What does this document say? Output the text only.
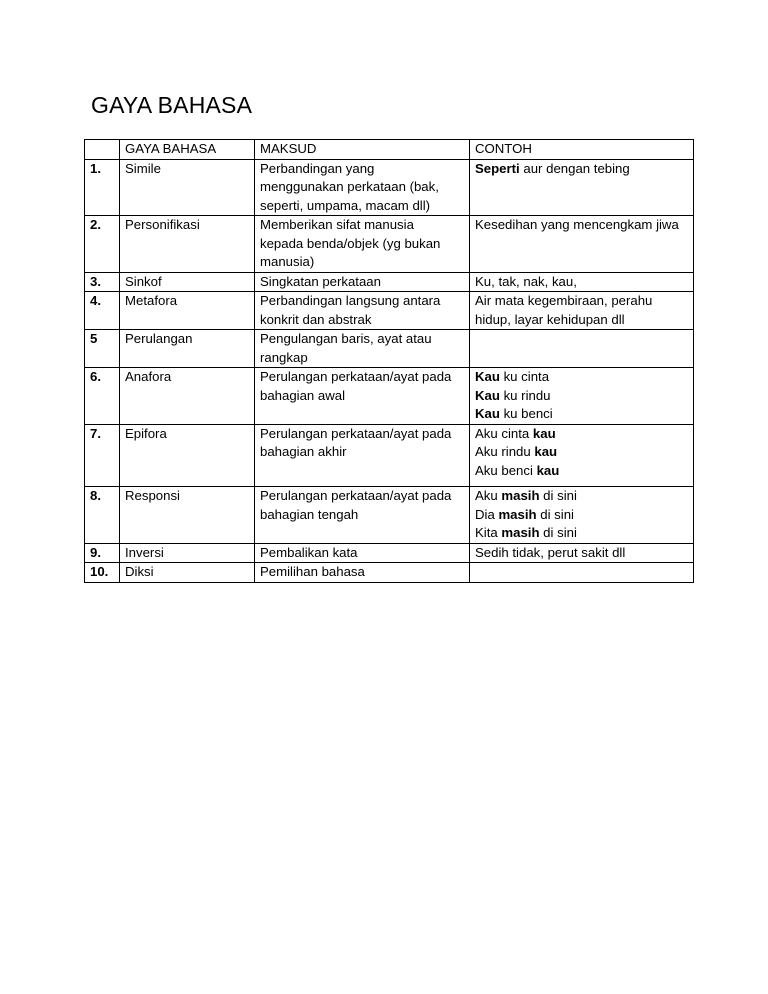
GAYA BAHASA
	GAYA BAHASA	MAKSUD	CONTOH
1.	Simile	Perbandingan yang
menggunakan perkataan (bak,
seperti, umpama, macam dll)	Seperti aur dengan tebing

2.	Personifikasi	Memberikan sifat manusia
kepada benda/objek (yg bukan
manusia)	Kesedihan yang mencengkam jiwa

3.	Sinkof	Singkatan perkataan	Ku, tak, nak, kau,

4.	Metafora	Perbandingan langsung antara
konkrit dan abstrak	Air mata kegembiraan, perahu
hidup, layar kehidupan dll

5	Perulangan	Pengulangan baris, ayat atau
rangkap	

6.	Anafora	Perulangan perkataan/ayat pada
bahagian awal	Kau ku cinta
Kau ku rindu
Kau ku benci

7.	Epifora	Perulangan perkataan/ayat pada
bahagian akhir	Aku cinta kau
Aku rindu kau
Aku benci kau

8.	Responsi	Perulangan perkataan/ayat pada
bahagian tengah	Aku masih di sini
Dia masih di sini
Kita masih di sini

9.	Inversi	Pembalikan kata	Sedih tidak, perut sakit dll

10.	Diksi	Pemilihan bahasa	
